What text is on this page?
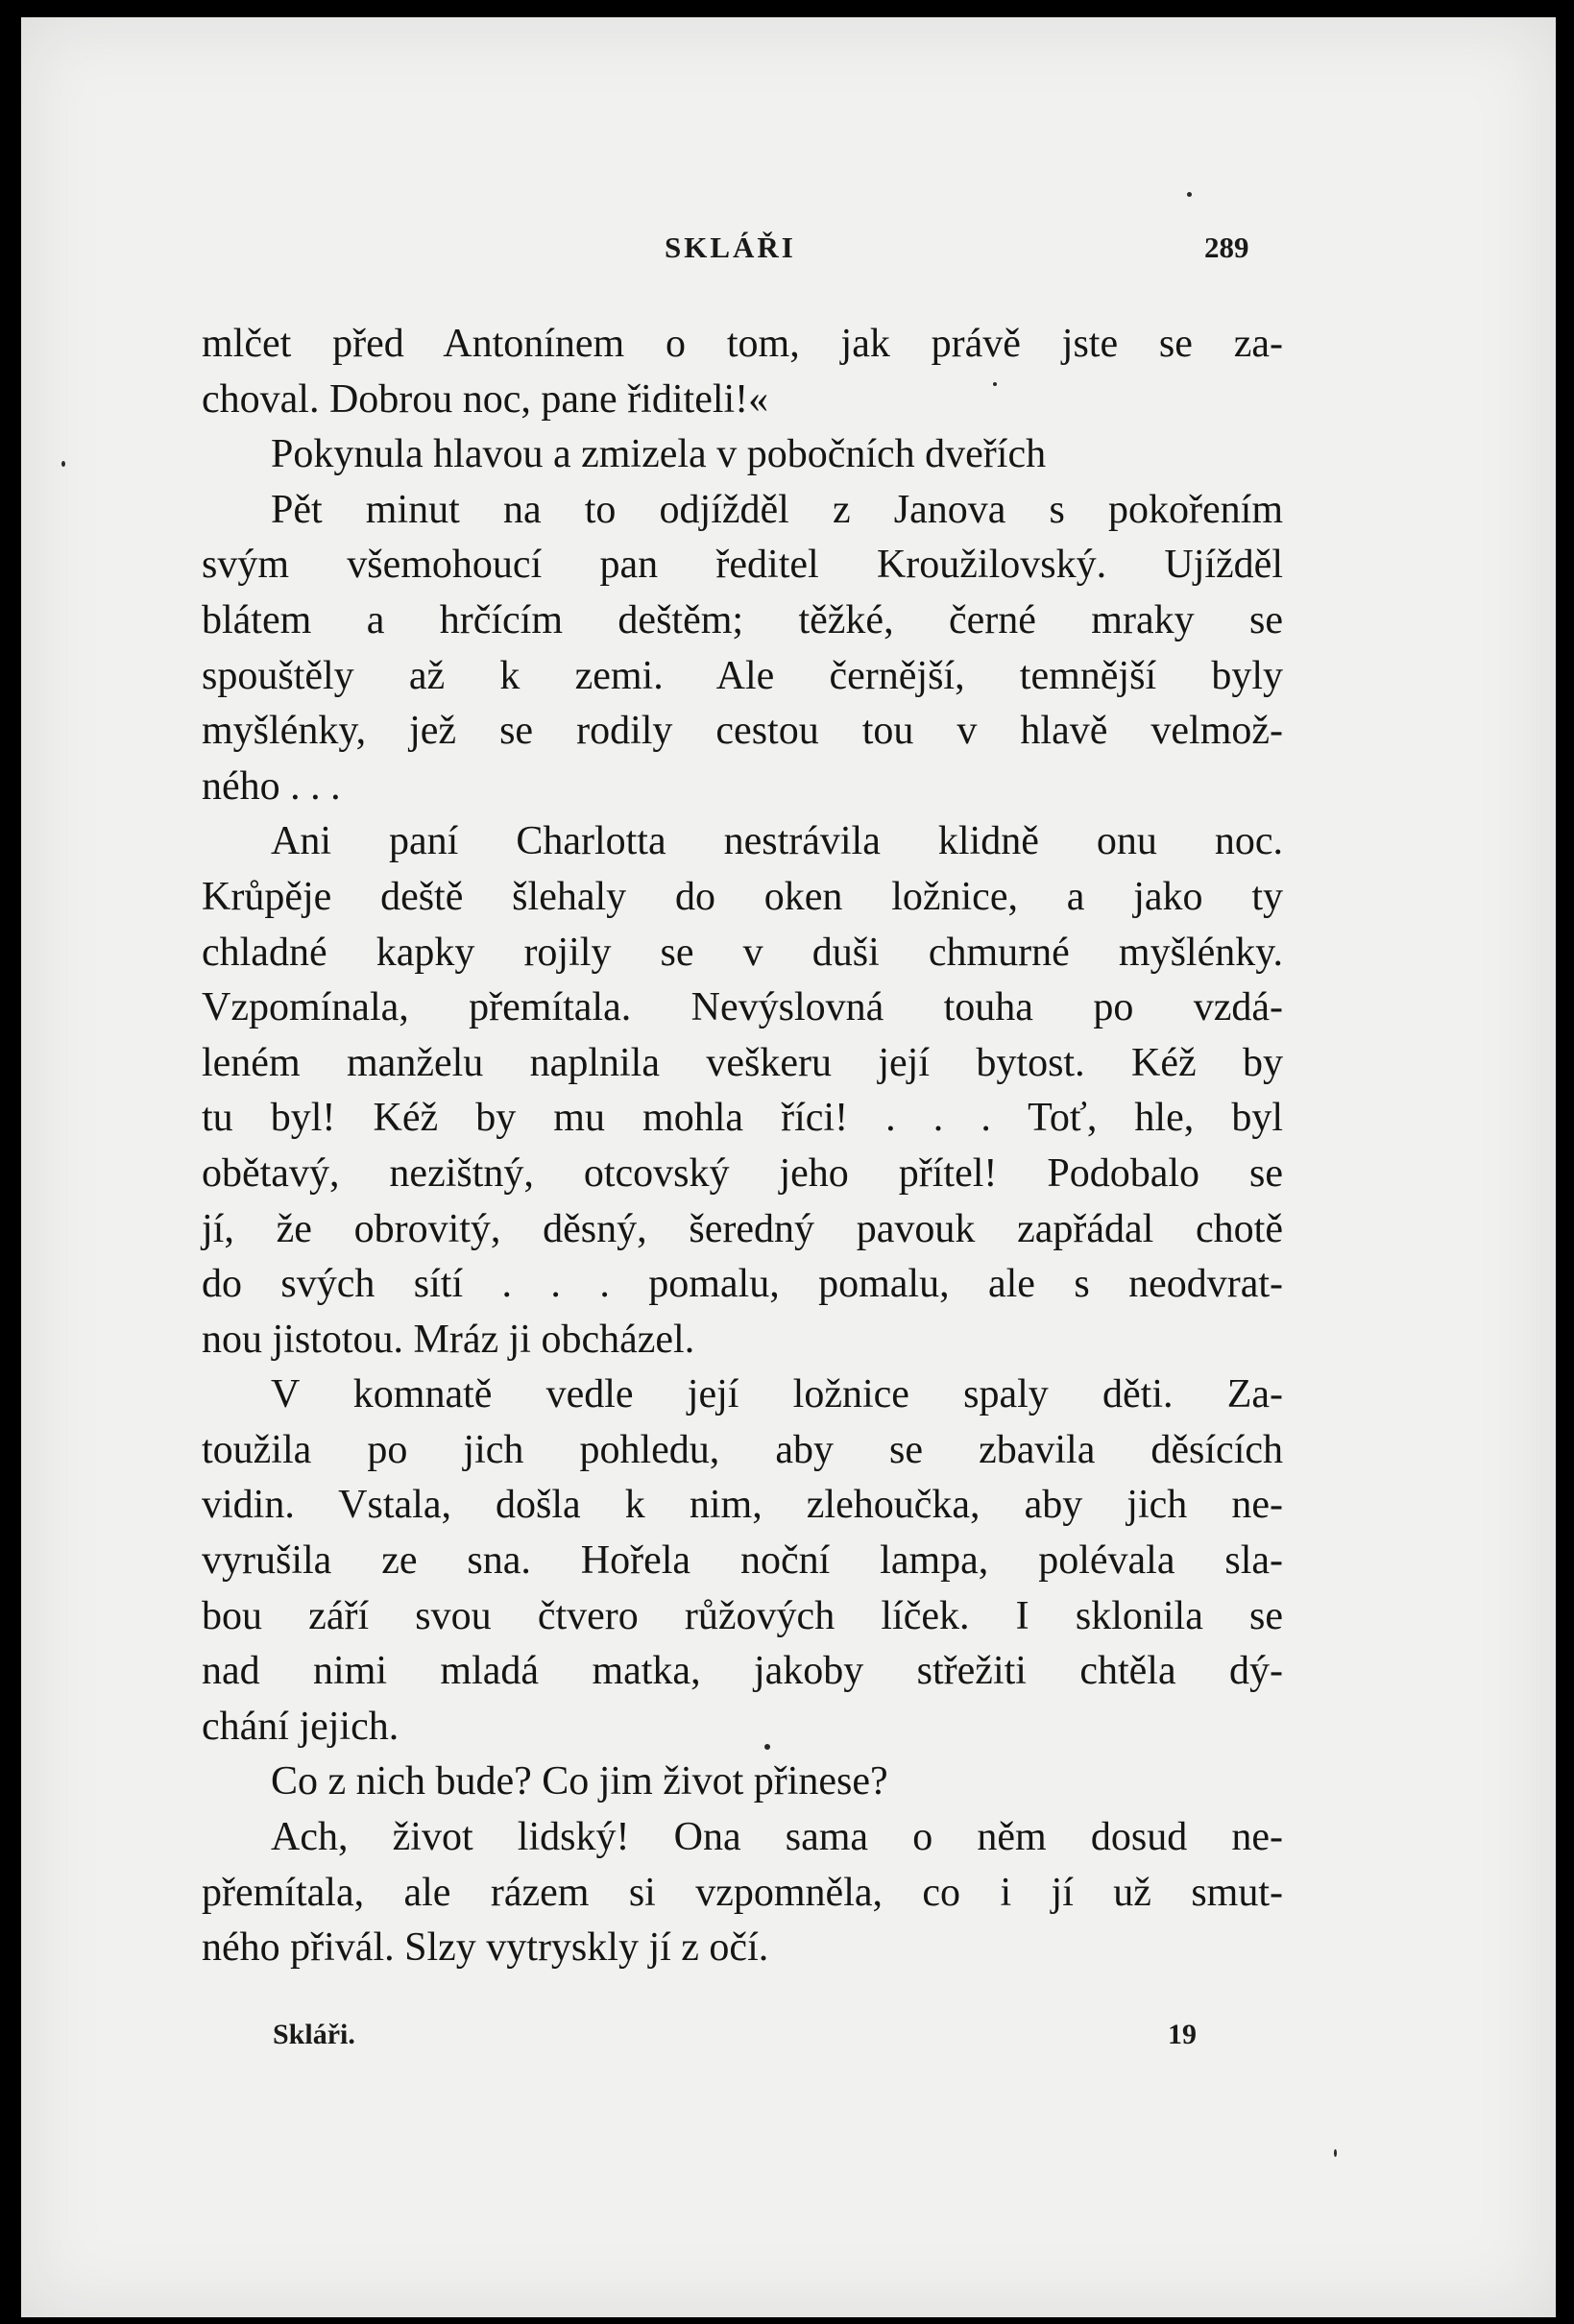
SKLÁŘI	289

mlčet před Antonínem o tom, jak právě jste se za-

choval. Dobrou noc, pane řiditeli!«

Pokynula hlavou a zmizela v pobočních dveřích

Pět minut na to odjížděl z Janova s pokořením

svým všemohoucí pan ředitel Kroužilovský. Ujížděl

blátem a hrčícím deštěm; těžké, černé mraky se

spouštěly až k zemi. Ale černější, temnější byly

myšlénky, jež se rodily cestou tou v hlavě velmož-

ného . . .

Ani paní Charlotta nestrávila klidně onu noc.

Krůpěje deště šlehaly do oken ložnice, a jako ty

chladné kapky rojily se v duši chmurné myšlénky.

Vzpomínala, přemítala. Nevýslovná touha po vzdá-

leném manželu naplnila veškeru její bytost. Kéž by

tu byl! Kéž by mu mohla říci! . . . Toť, hle, byl

obětavý, nezištný, otcovský jeho přítel! Podobalo se

jí, že obrovitý, děsný, šeredný pavouk zapřádal chotě

do svých sítí . . . pomalu, pomalu, ale s neodvrat-

nou jistotou. Mráz ji obcházel.

V komnatě vedle její ložnice spaly děti. Za-

toužila po jich pohledu, aby se zbavila děsících

vidin. Vstala, došla k nim, zlehoučka, aby jich ne-

vyrušila ze sna. Hořela noční lampa, polévala sla-

bou září svou čtvero růžových líček. I sklonila se

nad nimi mladá matka, jakoby střežiti chtěla dý-

chání jejich.

Co z nich bude? Co jim život přinese?

Ach, život lidský! Ona sama o něm dosud ne-

přemítala, ale rázem si vzpomněla, co i jí už smut-

ného přivál. Slzy vytryskly jí z očí.

Skláři.	19
